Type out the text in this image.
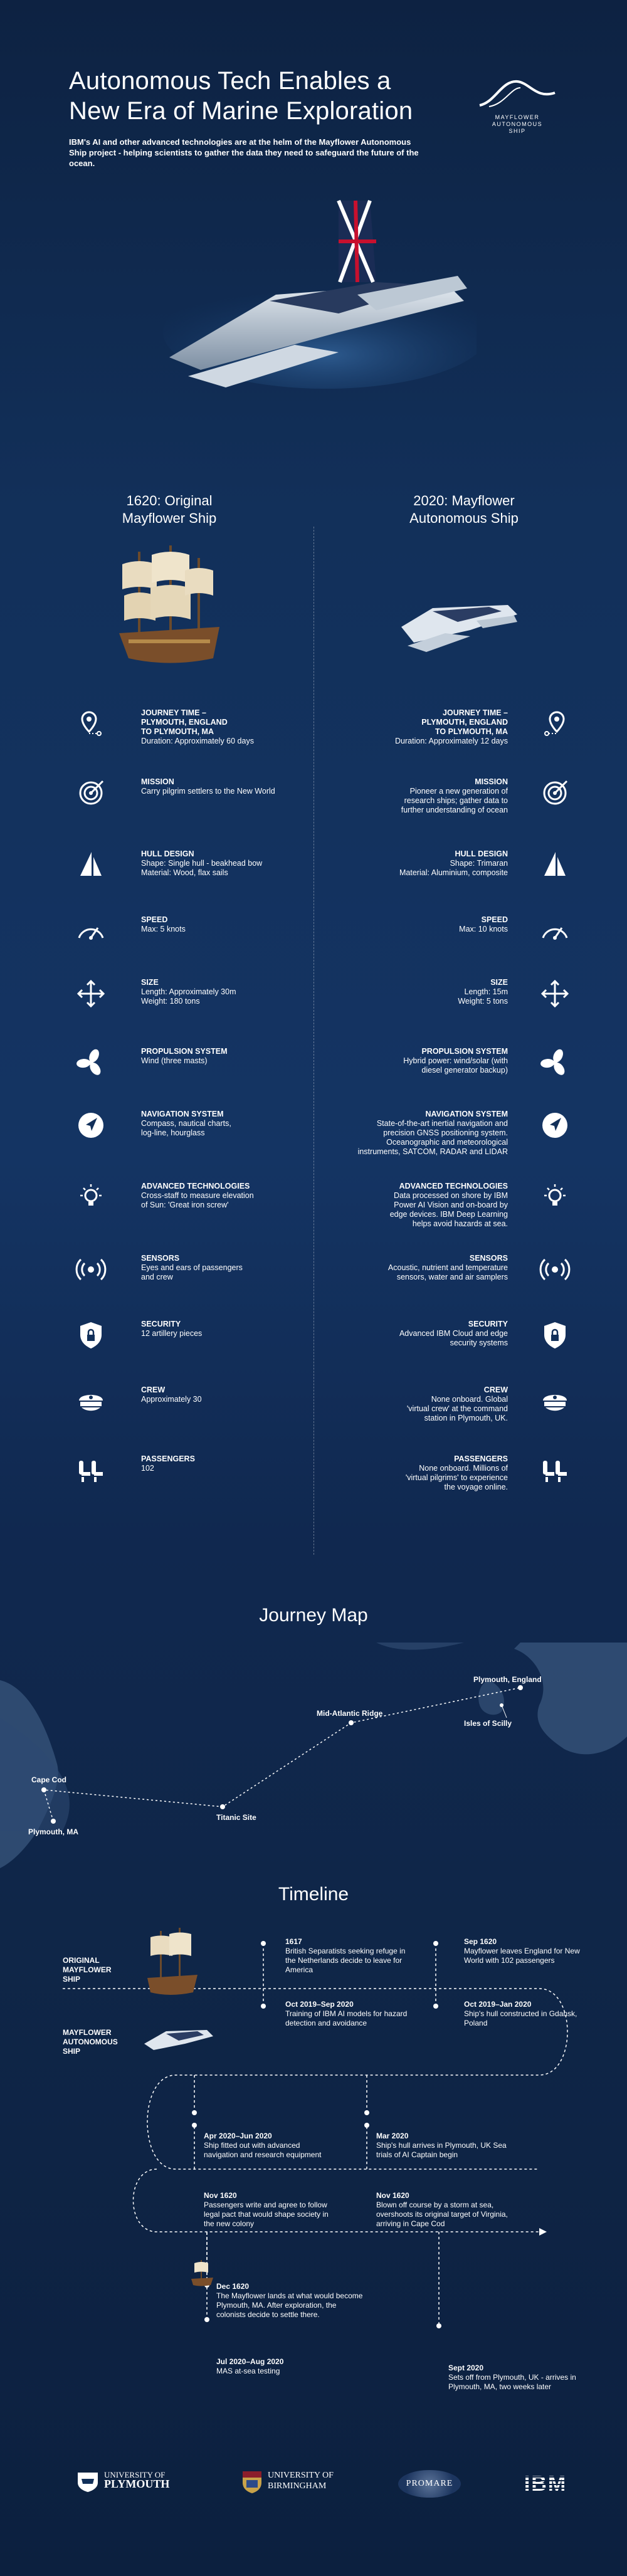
Autonomous Tech Enables a
New Era of Marine Exploration

IBM's AI and other advanced technologies are at the helm of the Mayflower Autonomous Ship project - helping scientists to gather the data they need to safeguard the future of the ocean.

MAYFLOWER
AUTONOMOUS
SHIP
1620: Original
Mayflower Ship
2020: Mayflower
Autonomous Ship
JOURNEY TIME –
PLYMOUTH, ENGLAND
TO PLYMOUTH, MA
Duration: Approximately 60 days
JOURNEY TIME –
PLYMOUTH, ENGLAND
TO PLYMOUTH, MA
Duration: Approximately 12 days
MISSION
Carry pilgrim settlers to the New World
MISSION
Pioneer a new generation of
research ships; gather data to
further understanding of ocean
HULL DESIGN
Shape: Single hull - beakhead bow
Material: Wood, flax sails
HULL DESIGN
Shape: Trimaran
Material: Aluminium, composite
SPEED
Max: 5 knots
SPEED
Max: 10 knots
SIZE
Length: Approximately 30m
Weight: 180 tons
SIZE
Length: 15m
Weight: 5 tons
PROPULSION SYSTEM
Wind (three masts)
PROPULSION SYSTEM
Hybrid power: wind/solar (with
diesel generator backup)
NAVIGATION SYSTEM
Compass, nautical charts,
log-line, hourglass
NAVIGATION SYSTEM
State-of-the-art inertial navigation and
precision GNSS positioning system.
Oceanographic and meteorological
instruments, SATCOM, RADAR and LIDAR
ADVANCED TECHNOLOGIES
Cross-staff to measure elevation
of Sun: 'Great iron screw'
ADVANCED TECHNOLOGIES
Data processed on shore by IBM
Power AI Vision and on-board by
edge devices. IBM Deep Learning
helps avoid hazards at sea.
SENSORS
Eyes and ears of passengers
and crew
SENSORS
Acoustic, nutrient and temperature
sensors, water and air samplers
SECURITY
12 artillery pieces
SECURITY
Advanced IBM Cloud and edge
security systems
CREW
Approximately 30
CREW
None onboard. Global
'virtual crew' at the command
station in Plymouth, UK.
PASSENGERS
102
PASSENGERS
None onboard. Millions of
'virtual pilgrims' to experience
the voyage online.
Journey Map
Plymouth, England
Isles of Scilly
Mid-Atlantic Ridge
Titanic Site
Cape Cod
Plymouth, MA
Timeline
ORIGINAL
MAYFLOWER
SHIP
MAYFLOWER
AUTONOMOUS
SHIP
1617
British Separatists seeking refuge in the Netherlands decide to leave for America
Sep 1620
Mayflower leaves England for New World with 102 passengers
Oct 2019–Sep 2020
Training of IBM AI models for hazard detection and avoidance
Oct 2019–Jan 2020
Ship's hull constructed in Gdansk, Poland
Apr 2020–Jun 2020
Ship fitted out with advanced navigation and research equipment
Mar 2020
Ship's hull arrives in Plymouth, UK Sea trials of AI Captain begin
Nov 1620
Passengers write and agree to follow legal pact that would shape society in the new colony
Nov 1620
Blown off course by a storm at sea, overshoots its original target of Virginia, arriving in Cape Cod
Dec 1620
The Mayflower lands at what would become Plymouth, MA. After exploration, the colonists decide to settle there.
Jul 2020–Aug 2020
MAS at-sea testing	Sept 2020
Sets off from Plymouth, UK - arrives in Plymouth, MA, two weeks later
UNIVERSITY OF
PLYMOUTH
UNIVERSITY OF
BIRMINGHAM	PROMARE	IBM
